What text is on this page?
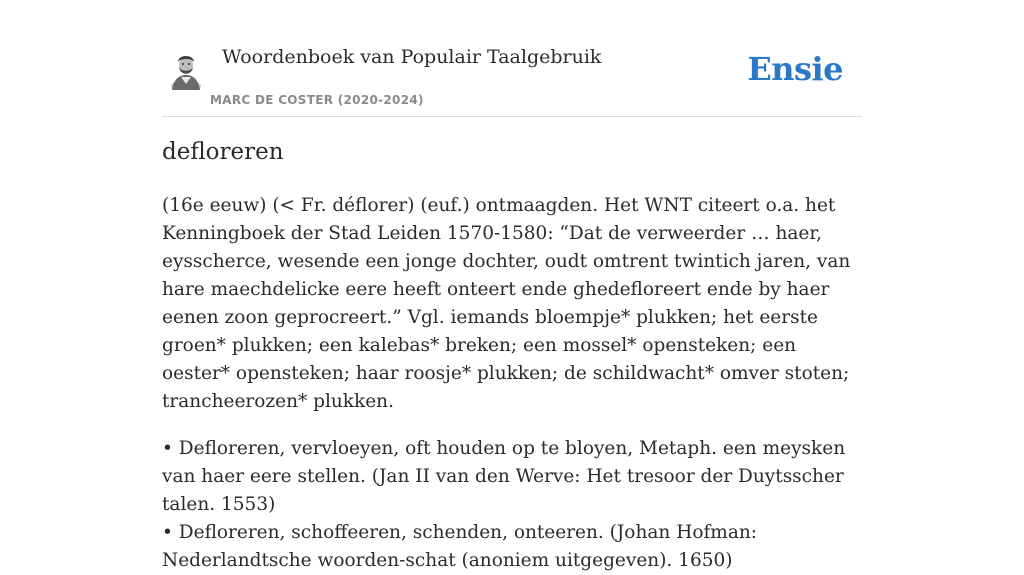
Woordenboek van Populair Taalgebruik
MARC DE COSTER (2020-2024)
Ensie
defloreren

(16e eeuw) (< Fr. déflorer) (euf.) ontmaagden. Het WNT citeert o.a. het Kenningboek der Stad Leiden 1570-1580: “Dat de verweerder … haer, eysscherce, wesende een jonge dochter, oudt omtrent twintich jaren, van hare maechdelicke eere heeft onteert ende ghedefloreert ende by haer eenen zoon geprocreert.” Vgl. iemands bloempje* plukken; het eerste groen* plukken; een kalebas* breken; een mossel* opensteken; een oester* opensteken; haar roosje* plukken; de schildwacht* omver stoten; trancheerozen* plukken.

• Defloreren, vervloeyen, oft houden op te bloyen, Metaph. een meysken van haer eere stellen. (Jan II van den Werve: Het tresoor der Duytsscher talen. 1553)

• Defloreren, schoffeeren, schenden, onteeren. (Johan Hofman: Nederlandtsche woorden-schat (anoniem uitgegeven). 1650)
